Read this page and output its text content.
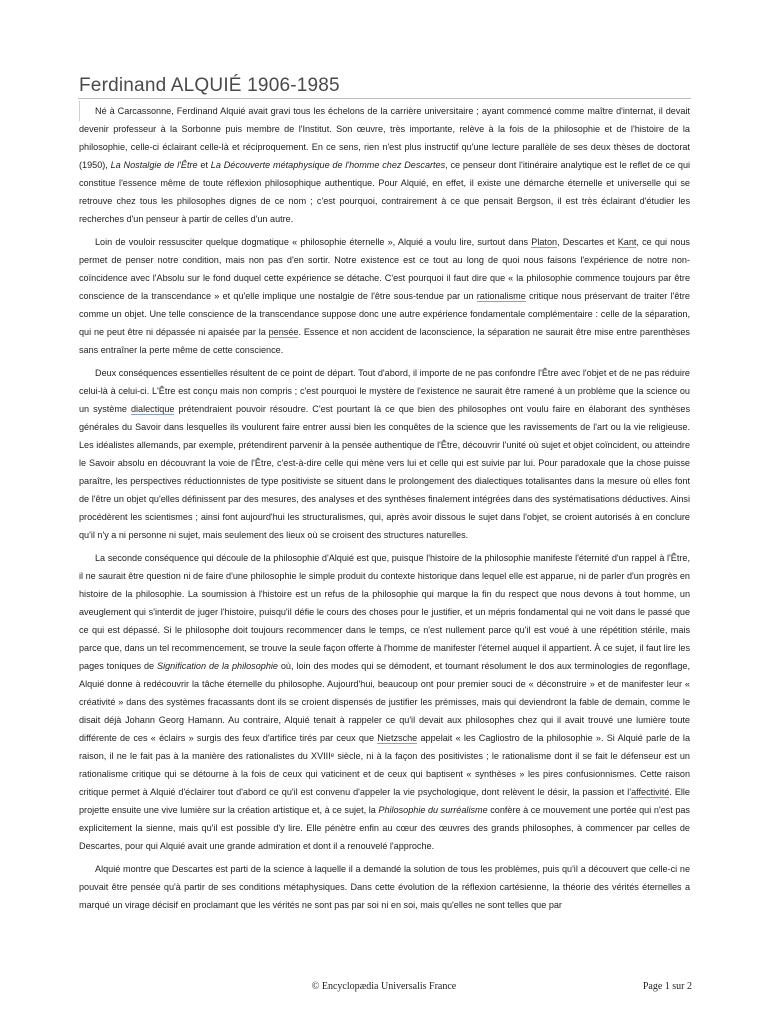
Ferdinand ALQUIÉ 1906-1985

Né à Carcassonne, Ferdinand Alquié avait gravi tous les échelons de la carrière universitaire ; ayant commencé comme maître d'internat, il devait devenir professeur à la Sorbonne puis membre de l'Institut. Son œuvre, très importante, relève à la fois de la philosophie et de l'histoire de la philosophie, celle-ci éclairant celle-là et réciproquement. En ce sens, rien n'est plus instructif qu'une lecture parallèle de ses deux thèses de doctorat (1950), La Nostalgie de l'Être et La Découverte métaphysique de l'homme chez Descartes, ce penseur dont l'itinéraire analytique est le reflet de ce qui constitue l'essence même de toute réflexion philosophique authentique. Pour Alquié, en effet, il existe une démarche éternelle et universelle qui se retrouve chez tous les philosophes dignes de ce nom ; c'est pourquoi, contrairement à ce que pensait Bergson, il est très éclairant d'étudier les recherches d'un penseur à partir de celles d'un autre.

Loin de vouloir ressusciter quelque dogmatique « philosophie éternelle », Alquié a voulu lire, surtout dans Platon, Descartes et Kant, ce qui nous permet de penser notre condition, mais non pas d'en sortir. Notre existence est ce tout au long de quoi nous faisons l'expérience de notre non-coïncidence avec l'Absolu sur le fond duquel cette expérience se détache. C'est pourquoi il faut dire que « la philosophie commence toujours par être conscience de la transcendance » et qu'elle implique une nostalgie de l'être sous-tendue par un rationalisme critique nous préservant de traiter l'être comme un objet. Une telle conscience de la transcendance suppose donc une autre expérience fondamentale complémentaire : celle de la séparation, qui ne peut être ni dépassée ni apaisée par la pensée. Essence et non accident de laconscience, la séparation ne saurait être mise entre parenthèses sans entraîner la perte même de cette conscience.

Deux conséquences essentielles résultent de ce point de départ. Tout d'abord, il importe de ne pas confondre l'Être avec l'objet et de ne pas réduire celui-là à celui-ci. L'Être est conçu mais non compris ; c'est pourquoi le mystère de l'existence ne saurait être ramené à un problème que la science ou un système dialectique prétendraient pouvoir résoudre. C'est pourtant là ce que bien des philosophes ont voulu faire en élaborant des synthèses générales du Savoir dans lesquelles ils voulurent faire entrer aussi bien les conquêtes de la science que les ravissements de l'art ou la vie religieuse. Les idéalistes allemands, par exemple, prétendirent parvenir à la pensée authentique de l'Être, découvrir l'unité où sujet et objet coïncident, ou atteindre le Savoir absolu en découvrant la voie de l'Être, c'est-à-dire celle qui mène vers lui et celle qui est suivie par lui. Pour paradoxale que la chose puisse paraître, les perspectives réductionnistes de type positiviste se situent dans le prolongement des dialectiques totalisantes dans la mesure où elles font de l'être un objet qu'elles définissent par des mesures, des analyses et des synthèses finalement intégrées dans des systématisations déductives. Ainsi procédèrent les scientismes ; ainsi font aujourd'hui les structuralismes, qui, après avoir dissous le sujet dans l'objet, se croient autorisés à en conclure qu'il n'y a ni personne ni sujet, mais seulement des lieux où se croisent des structures naturelles.

La seconde conséquence qui découle de la philosophie d'Alquié est que, puisque l'histoire de la philosophie manifeste l'éternité d'un rappel à l'Être, il ne saurait être question ni de faire d'une philosophie le simple produit du contexte historique dans lequel elle est apparue, ni de parler d'un progrès en histoire de la philosophie. La soumission à l'histoire est un refus de la philosophie qui marque la fin du respect que nous devons à tout homme, un aveuglement qui s'interdit de juger l'histoire, puisqu'il défie le cours des choses pour le justifier, et un mépris fondamental qui ne voit dans le passé que ce qui est dépassé. Si le philosophe doit toujours recommencer dans le temps, ce n'est nullement parce qu'il est voué à une répétition stérile, mais parce que, dans un tel recommencement, se trouve la seule façon offerte à l'homme de manifester l'éternel auquel il appartient. À ce sujet, il faut lire les pages toniques de Signification de la philosophie où, loin des modes qui se démodent, et tournant résolument le dos aux terminologies de regonflage, Alquié donne à redécouvrir la tâche éternelle du philosophe. Aujourd'hui, beaucoup ont pour premier souci de « déconstruire » et de manifester leur « créativité » dans des systèmes fracassants dont ils se croient dispensés de justifier les prémisses, mais qui deviendront la fable de demain, comme le disait déjà Johann Georg Hamann. Au contraire, Alquié tenait à rappeler ce qu'il devait aux philosophes chez qui il avait trouvé une lumière toute différente de ces « éclairs » surgis des feux d'artifice tirés par ceux que Nietzsche appelait « les Cagliostro de la philosophie ». Si Alquié parle de la raison, il ne le fait pas à la manière des rationalistes du XVIIIᵉ siècle, ni à la façon des positivistes ; le rationalisme dont il se fait le défenseur est un rationalisme critique qui se détourne à la fois de ceux qui vaticinent et de ceux qui baptisent « synthèses » les pires confusionnismes. Cette raison critique permet à Alquié d'éclairer tout d'abord ce qu'il est convenu d'appeler la vie psychologique, dont relèvent le désir, la passion et l'affectivité. Elle projette ensuite une vive lumière sur la création artistique et, à ce sujet, la Philosophie du surréalisme confère à ce mouvement une portée qui n'est pas explicitement la sienne, mais qu'il est possible d'y lire. Elle pénètre enfin au cœur des œuvres des grands philosophes, à commencer par celles de Descartes, pour qui Alquié avait une grande admiration et dont il a renouvelé l'approche.

Alquié montre que Descartes est parti de la science à laquelle il a demandé la solution de tous les problèmes, puis qu'il a découvert que celle-ci ne pouvait être pensée qu'à partir de ses conditions métaphysiques. Dans cette évolution de la réflexion cartésienne, la théorie des vérités éternelles a marqué un virage décisif en proclamant que les vérités ne sont pas par soi ni en soi, mais qu'elles ne sont telles que par

© Encyclopædia Universalis France	Page 1 sur 2
